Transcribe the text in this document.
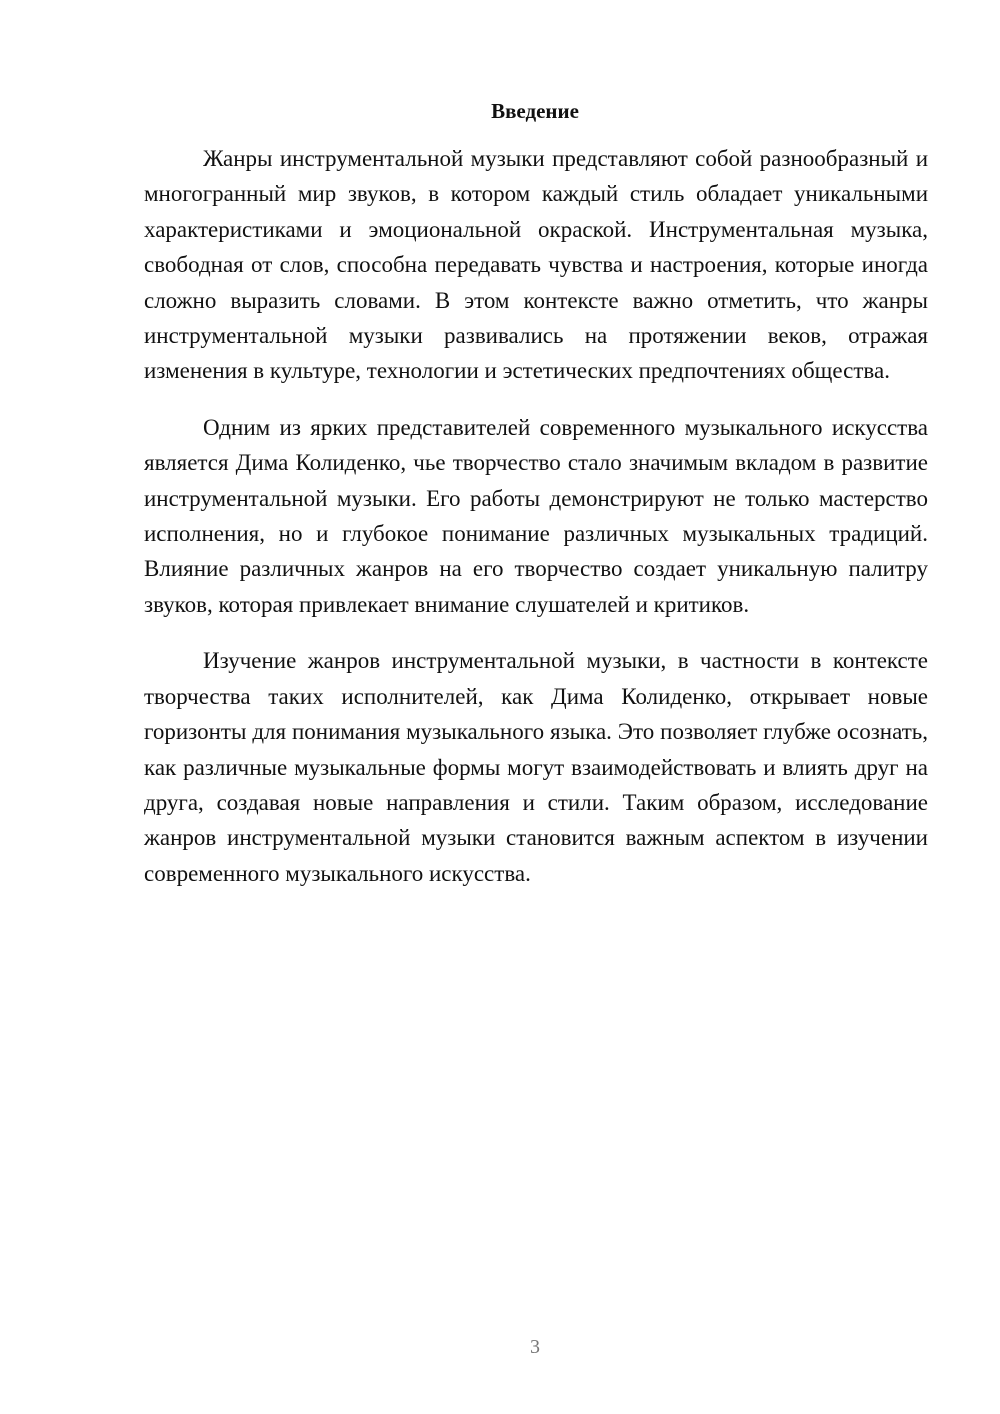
Введение

Жанры инструментальной музыки представляют собой разнообразный и многогранный мир звуков, в котором каждый стиль обладает уникальными характеристиками и эмоциональной окраской. Инструментальная музыка, свободная от слов, способна передавать чувства и настроения, которые иногда сложно выразить словами. В этом контексте важно отметить, что жанры инструментальной музыки развивались на протяжении веков, отражая изменения в культуре, технологии и эстетических предпочтениях общества.

Одним из ярких представителей современного музыкального искусства является Дима Колиденко, чье творчество стало значимым вкладом в развитие инструментальной музыки. Его работы демонстрируют не только мастерство исполнения, но и глубокое понимание различных музыкальных традиций. Влияние различных жанров на его творчество создает уникальную палитру звуков, которая привлекает внимание слушателей и критиков.

Изучение жанров инструментальной музыки, в частности в контексте творчества таких исполнителей, как Дима Колиденко, открывает новые горизонты для понимания музыкального языка. Это позволяет глубже осознать, как различные музыкальные формы могут взаимодействовать и влиять друг на друга, создавая новые направления и стили. Таким образом, исследование жанров инструментальной музыки становится важным аспектом в изучении современного музыкального искусства.

3
